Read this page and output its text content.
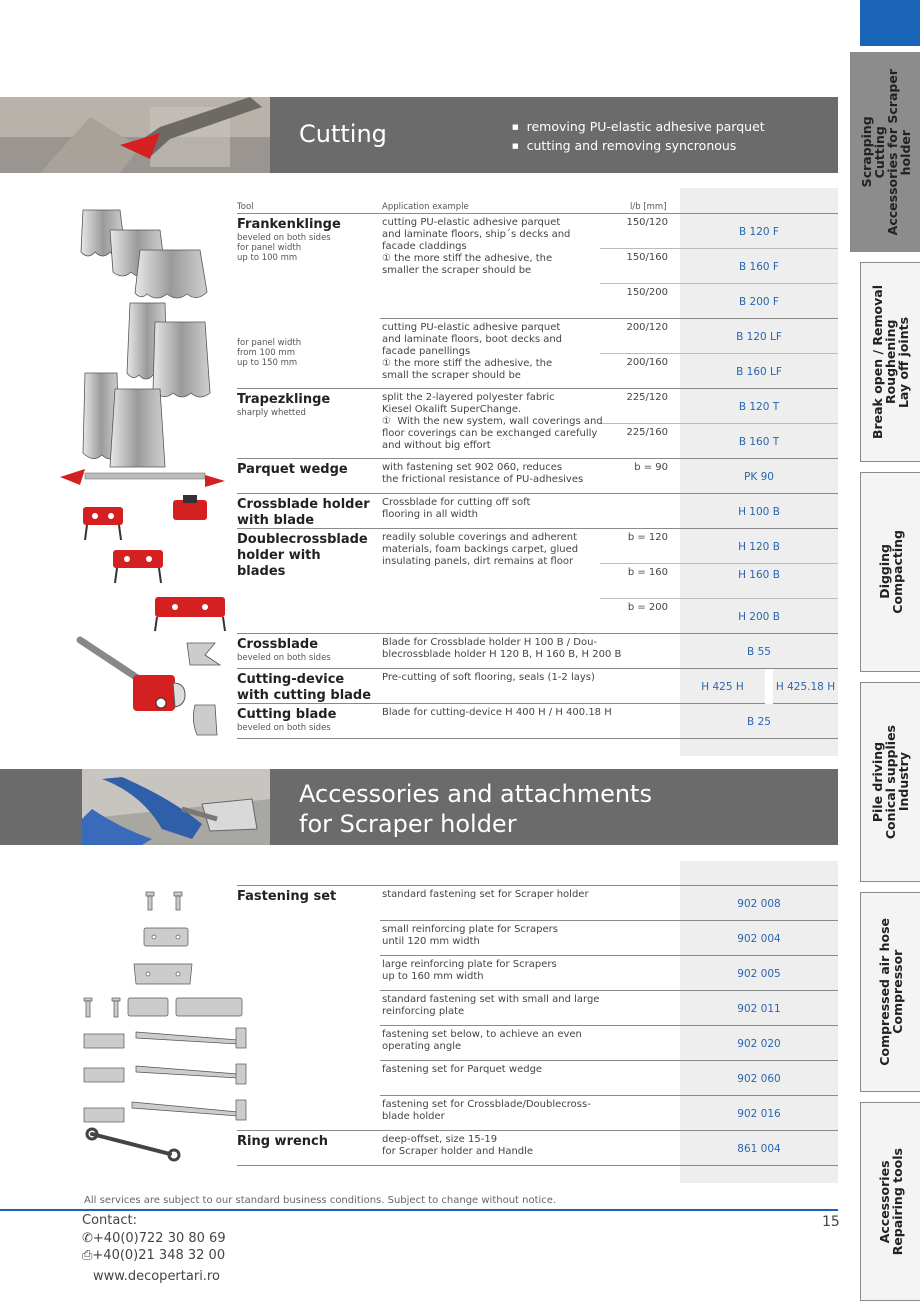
Scrapping
Cutting
Accessories for Scraper
holder
Break open / Removal
Roughening
Lay off joints
Digging
Compacting
Pile driving
Conical supplies
Industry
Compressed air hose
Compressor
Accessories
Repairing tools
Cutting
■	removing PU-elastic adhesive parquet
■ cutting and removing syncronous
Tool	Application example	l/b [mm]
Frankenklinge
beveled on both sides
for panel width
up to 100 mm
for panel width
from 100 mm
up to 150 mm
Trapezklinge
sharply whetted
Parquet wedge
Crossblade holder
with blade
Doublecrossblade
holder with
blades
Crossblade
beveled on both sides
Cutting-device
with cutting blade
Cutting blade
beveled on both sides
cutting PU-elastic adhesive parquet
and laminate floors, ship´s decks and
facade claddings
① the more stiff the adhesive, the
smaller the scraper should be
cutting PU-elastic adhesive parquet
and laminate floors, boot decks and
facade panellings
① the more stiff the adhesive, the
small the scraper should be
split the 2-layered polyester fabric
Kiesel Okalift SuperChange.
①  With the new system, wall coverings and
floor coverings can be exchanged carefully
and without big effort
with fastening set 902 060, reduces
the frictional resistance of PU-adhesives
Crossblade for cutting off soft
flooring in all width
readily soluble coverings and adherent
materials, foam backings carpet, glued
insulating panels, dirt remains at floor
Blade for Crossblade holder H 100 B / Dou-
blecrossblade holder H 120 B, H 160 B, H 200 B
Pre-cutting of soft flooring, seals (1-2 lays)
Blade for cutting-device H 400 H / H 400.18 H
150/120
150/160
150/200
200/120
200/160
225/120
225/160
b = 90
b = 120
b = 160
b = 200
B 120 F
B 160 F
B 200 F
B 120 LF
B 160 LF
B 120 T
B 160 T
PK 90
H 100 B
H 120 B
H 160 B
H 200 B
B 55
H 425 H	H 425.18 H
B 25
Accessories and attachments
for Scraper holder
Fastening set
Ring wrench
standard fastening set for Scraper holder
small reinforcing plate for Scrapers
until 120 mm width
large reinforcing plate for Scrapers
up to 160 mm width
standard fastening set with small and large
reinforcing plate
fastening set below, to achieve an even
operating angle
fastening set for Parquet wedge
fastening set for Crossblade/Doublecross-
blade holder
deep-offset, size 15-19
for Scraper holder and Handle
902 008
902 004
902 005
902 011
902 020
902 060
902 016
861 004
All services are subject to our standard business conditions. Subject to change without notice.
15
Contact:
✆+40(0)722 30 80 69
⎙+40(0)21 348 32 00
www.decopertari.ro
